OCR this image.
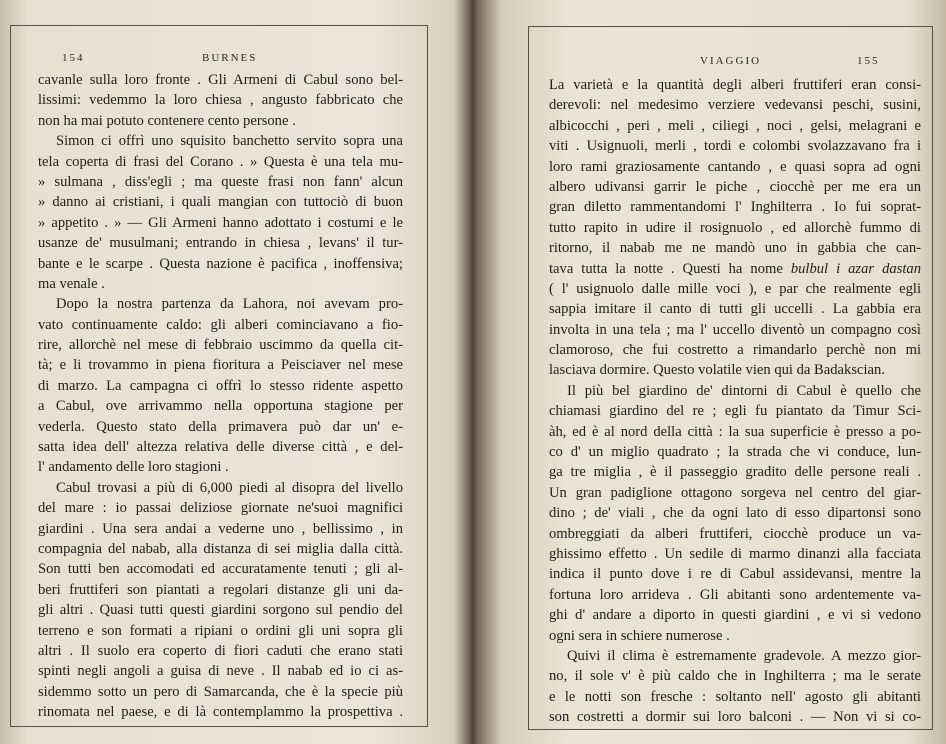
154	BURNES
cavanle sulla loro fronte . Gli Armeni di Cabul sono bel-
lissimi: vedemmo la loro chiesa , angusto fabbricato che
non ha mai potuto contenere cento persone .
Simon ci offrì uno squisito banchetto servito sopra una
tela coperta di frasi del Corano . » Questa è una tela mu-
» sulmana , diss'egli ; ma queste frasi non fann' alcun
» danno ai cristiani, i quali mangian con tuttociò di buon
» appetito . » — Gli Armeni hanno adottato i costumi e le
usanze de' musulmani; entrando in chiesa , levans' il tur-
bante e le scarpe . Questa nazione è pacifica , inoffensiva;
ma venale .
Dopo la nostra partenza da Lahora, noi avevam pro-
vato continuamente caldo: gli alberi cominciavano a fio-
rire, allorchè nel mese di febbraio uscimmo da quella cit-
tà; e li trovammo in piena fioritura a Peisciaver nel mese
di marzo. La campagna ci offrì lo stesso ridente aspetto
a Cabul, ove arrivammo nella opportuna stagione per
vederla. Questo stato della primavera può dar un' e-
satta idea dell' altezza relativa delle diverse città , e del-
l' andamento delle loro stagioni .
Cabul trovasi a più di 6,000 piedi al disopra del livello
del mare : io passai deliziose giornate ne'suoi magnifici
giardini . Una sera andai a vederne uno , bellissimo , in
compagnia del nabab, alla distanza di sei miglia dalla città.
Son tutti ben accomodati ed accuratamente tenuti ; gli al-
beri fruttiferi son piantati a regolari distanze gli uni da-
gli altri . Quasi tutti questi giardini sorgono sul pendio del
terreno e son formati a ripiani o ordini gli uni sopra gli
altri . Il suolo era coperto di fiori caduti che erano stati
spinti negli angoli a guisa di neve . Il nabab ed io ci as-
sidemmo sotto un pero di Samarcanda, che è la specie più
rinomata nel paese, e di là contemplammo la prospettiva .
VIAGGIO	155
La varietà e la quantità degli alberi fruttiferi eran consi-
derevoli: nel medesimo verziere vedevansi peschi, susini,
albicocchi , peri , meli , ciliegi , noci , gelsi, melagrani e
viti . Usignuoli, merli , tordi e colombi svolazzavano fra i
loro rami graziosamente cantando , e quasi sopra ad ogni
albero udivansi garrir le piche , ciocchè per me era un
gran diletto rammentandomi l' Inghilterra . Io fui soprat-
tutto rapito in udire il rosignuolo , ed allorchè fummo di
ritorno, il nabab me ne mandò uno in gabbia che can-
tava tutta la notte . Questi ha nome bulbul i azar dastan
( l' usignuolo dalle mille voci ), e par che realmente egli
sappia imitare il canto di tutti gli uccelli . La gabbia era
involta in una tela ; ma l' uccello diventò un compagno così
clamoroso, che fui costretto a rimandarlo perchè non mi
lasciava dormire. Questo volatile vien qui da Badakscian.
Il più bel giardino de' dintorni di Cabul è quello che
chiamasi giardino del re ; egli fu piantato da Timur Sci-
àh, ed è al nord della città : la sua superficie è presso a po-
co d' un miglio quadrato ; la strada che vi conduce, lun-
ga tre miglia , è il passeggio gradito delle persone reali .
Un gran padiglione ottagono sorgeva nel centro del giar-
dino ; de' viali , che da ogni lato di esso dipartonsi sono
ombreggiati da alberi fruttiferi, ciocchè produce un va-
ghissimo effetto . Un sedile di marmo dinanzi alla facciata
indica il punto dove i re di Cabul assidevansi, mentre la
fortuna loro arrideva . Gli abitanti sono ardentemente va-
ghi d' andare a diporto in questi giardini , e vi si vedono
ogni sera in schiere numerose .
Quivi il clima è estremamente gradevole. A mezzo gior-
no, il sole v' è più caldo che in Inghilterra ; ma le serate
e le notti son fresche : soltanto nell' agosto gli abitanti
son costretti a dormir sui loro balconi . — Non vi si co-
